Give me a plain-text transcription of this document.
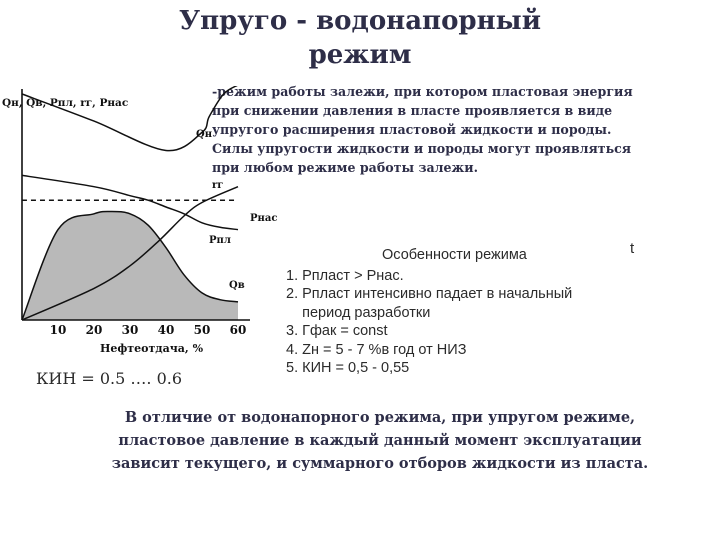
Упруго - водонапорный
режим
-режим работы залежи, при котором пластовая энергия
при снижении давления в пласте проявляется в виде
упругого расширения пластовой жидкости и породы.
Силы упругости жидкости и породы могут проявляться
при любом режиме работы залежи.
Qн, Qв, Pпл, rг, Pнас
10 20 30 40 50 60
Qн
rг
Pнас
Pпл
Qв
Нефтеотдача, %
t
Особенности режима
1. Рпласт > Рнас.
2. Рпласт интенсивно падает в начальный
период разработки
3. Гфак = const
4. Zн = 5 - 7 %в год от НИЗ
5. КИН = 0,5 - 0,55
КИН = 0.5 …. 0.6
В отличие от водонапорного режима, при упругом режиме,
пластовое давление в каждый данный момент эксплуатации
зависит текущего, и суммарного отборов жидкости из пласта.
